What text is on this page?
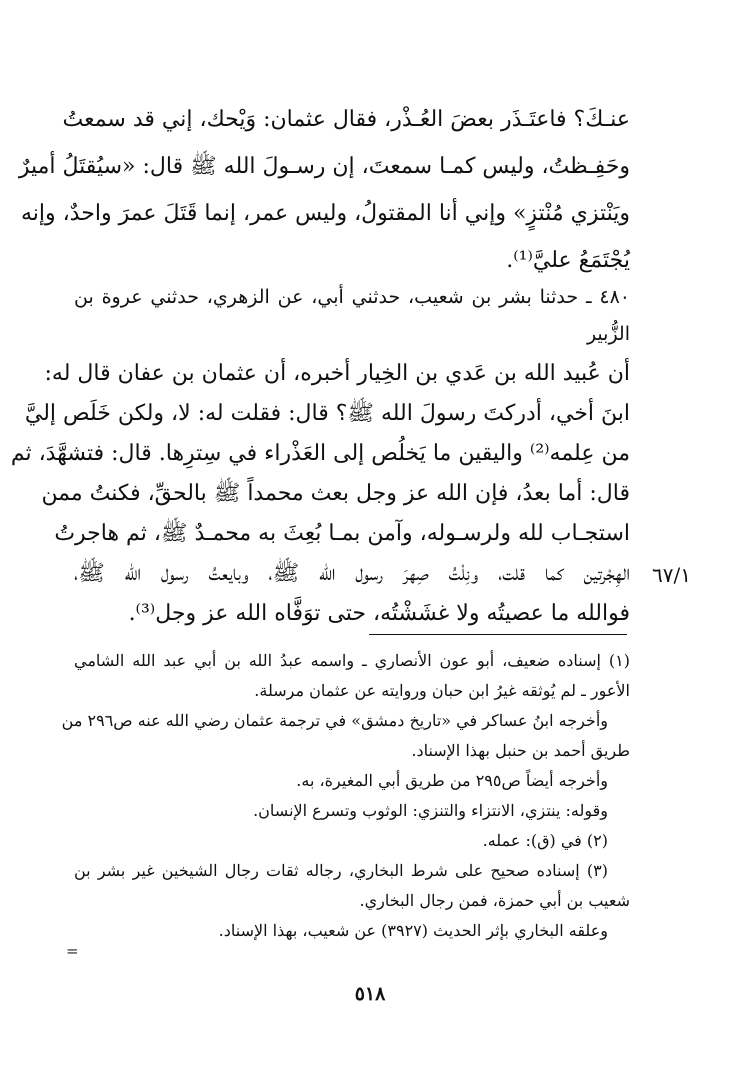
عنـكَ؟ فاعتَـذَر بعضَ العُـذْر، فقال عثمان: وَيْحك، إني قد سمعتُ
وحَفِـظتُ، وليس كمـا سمعتَ، إن رسـولَ الله ﷺ قال: «سيُقتَلُ أميرٌ
ويَنْتزي مُنْتزٍ» وإني أنا المقتولُ، وليس عمر، إنما قَتَلَ عمرَ واحدٌ، وإنه
يُجْتَمَعُ عليَّ⁽¹⁾.
٤٨٠ ـ حدثنا بشر بن شعيب، حدثني أبي، عن الزهري، حدثني عروة بن
الزُّبير
أن عُبيد الله بن عَدي بن الخِيار أخبره، أن عثمان بن عفان قال له:
ابنَ أخي، أدركتَ رسولَ الله ﷺ؟ قال: فقلت له: لا، ولكن خَلَص إليَّ
من عِلمه⁽²⁾ واليقين ما يَخلُص إلى العَذْراء في سِترِها. قال: فتشهَّدَ، ثم
قال: أما بعدُ، فإن الله عز وجل بعث محمداً ﷺ بالحقِّ، فكنتُ ممن
استجـاب لله ولرسـوله، وآمن بمـا بُعِثَ به محمـدٌ ﷺ، ثم هاجرتُ
الهِجْرتين كما قلت، ونِلْتُ صِهرَ رسول الله ﷺ، وبايعتُ رسول الله ﷺ،
فوالله ما عصيتُه ولا غشَشْتُه، حتى توَفَّاه الله عز وجل⁽³⁾.
٦٧/١
(١) إسناده ضعيف، أبو عون الأنصاري ـ واسمه عبدُ الله بن أبي عبد الله الشامي
الأعور ـ لم يُوثقه غيرُ ابن حبان وروايته عن عثمان مرسلة.
وأخرجه ابنُ عساكر في «تاريخ دمشق» في ترجمة عثمان رضي الله عنه ص٢٩٦ من
طريق أحمد بن حنبل بهذا الإسناد.
وأخرجه أيضاً ص٢٩٥ من طريق أبي المغيرة، به.
وقوله: ينتزي، الانتزاء والتنزي: الوثوب وتسرع الإنسان.
(٢) في (ق): عمله.
(٣) إسناده صحيح على شرط البخاري، رجاله ثقات رجال الشيخين غير بشر بن
شعيب بن أبي حمزة، فمن رجال البخاري.
وعلقه البخاري بإثر الحديث (٣٩٢٧) عن شعيب، بهذا الإسناد.
=
٥١٨
